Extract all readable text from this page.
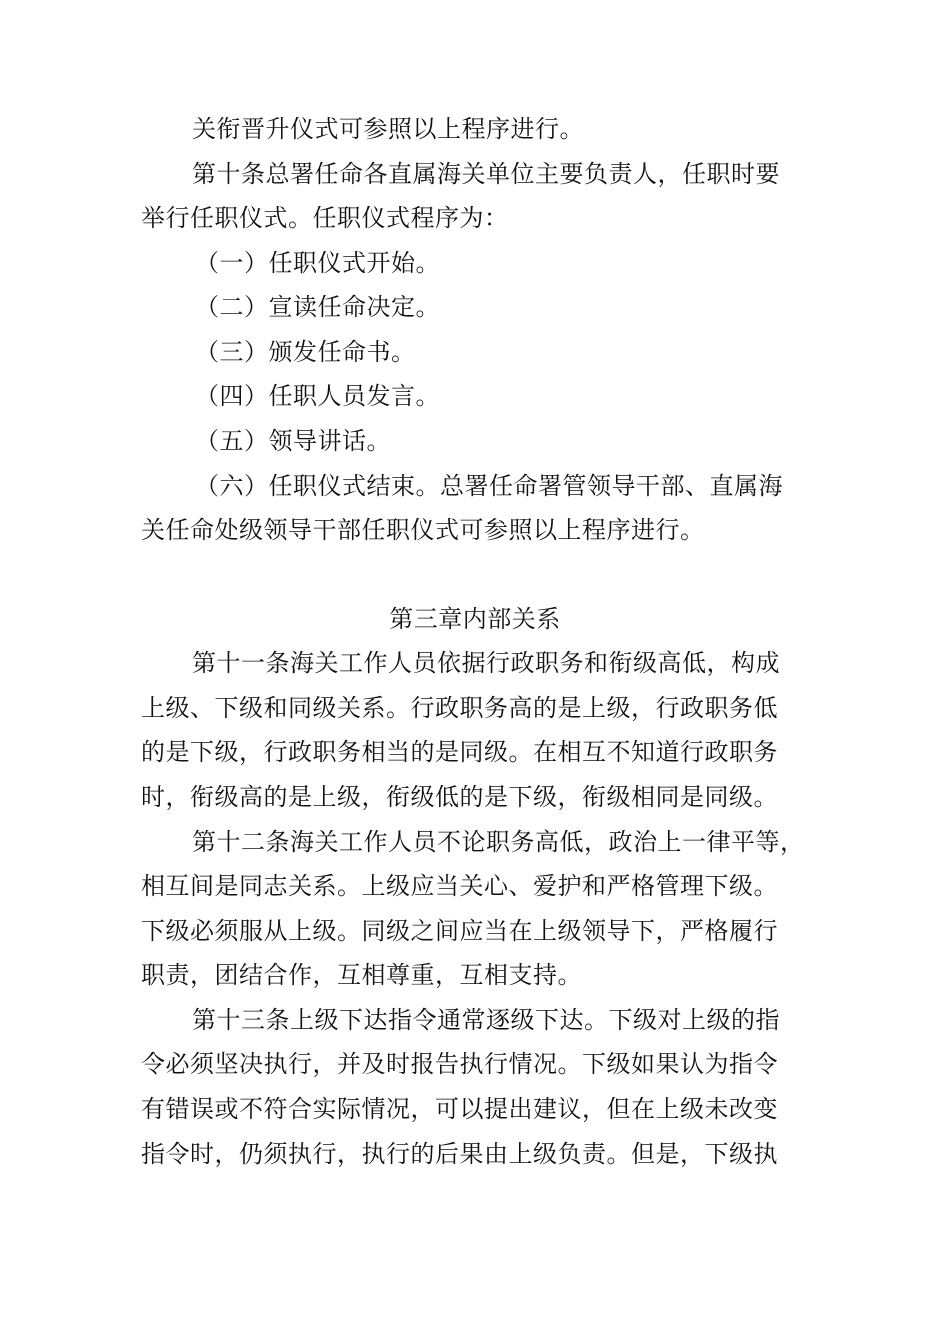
关衔晋升仪式可参照以上程序进行。
第十条总署任命各直属海关单位主要负责人，任职时要
举行任职仪式。任职仪式程序为：
（一）任职仪式开始。
（二）宣读任命决定。
（三）颁发任命书。
（四）任职人员发言。
（五）领导讲话。
（六）任职仪式结束。总署任命署管领导干部、直属海
关任命处级领导干部任职仪式可参照以上程序进行。
第三章内部关系
第十一条海关工作人员依据行政职务和衔级高低，构成
上级、下级和同级关系。行政职务高的是上级，行政职务低
的是下级，行政职务相当的是同级。在相互不知道行政职务
时，衔级高的是上级，衔级低的是下级，衔级相同是同级。
第十二条海关工作人员不论职务高低，政治上一律平等，
相互间是同志关系。上级应当关心、爱护和严格管理下级。
下级必须服从上级。同级之间应当在上级领导下，严格履行
职责，团结合作，互相尊重，互相支持。
第十三条上级下达指令通常逐级下达。下级对上级的指
令必须坚决执行，并及时报告执行情况。下级如果认为指令
有错误或不符合实际情况，可以提出建议，但在上级未改变
指令时，仍须执行，执行的后果由上级负责。但是，下级执
